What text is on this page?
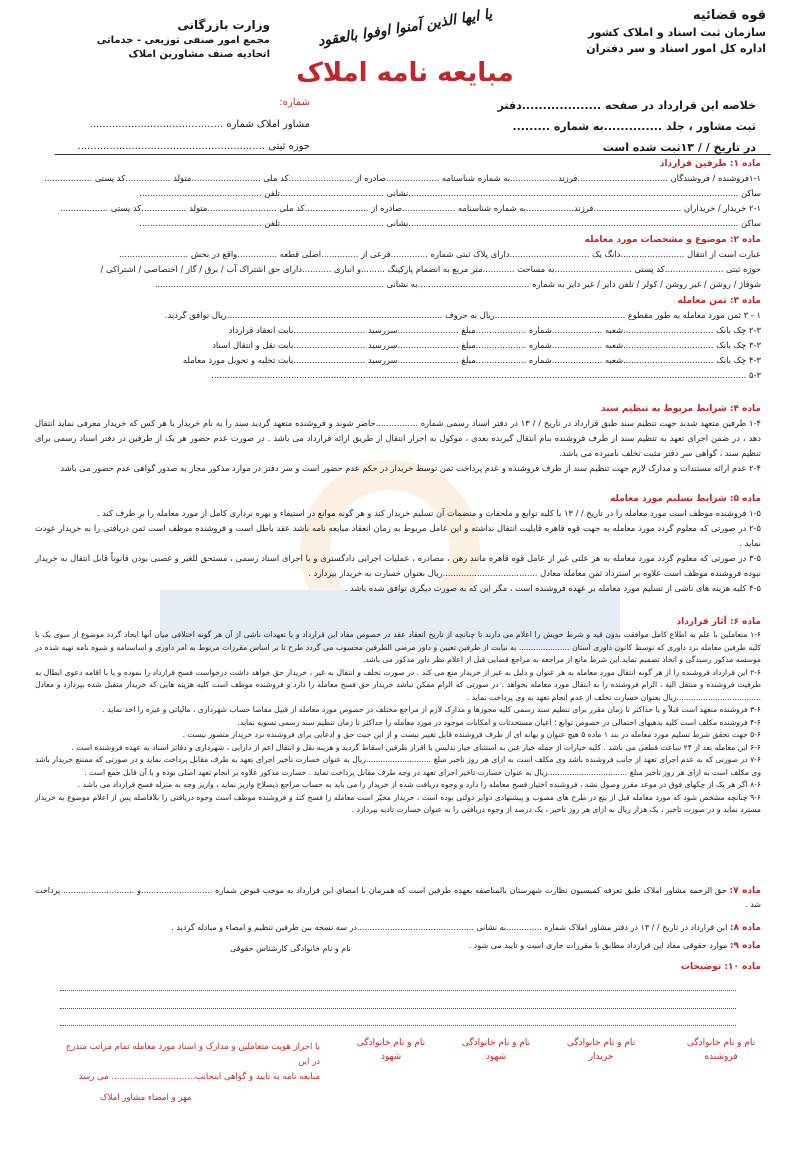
قوه قضائیه
سازمان ثبت اسناد و املاک کشور
اداره کل امور اسناد و سر دفتران
وزارت بازرگانی
مجمع امور صنفی توزیعی - خدماتی
اتحادیه صنف مشاورین املاک
یا ایها الذین آمنوا اوفوا بالعقود
مبایعه نامه املاک
خلاصه این قرارداد در صفحه ...................دفتر
ثبت مشاور ، جلد ..............به شماره .........
در تاریخ / / ۱۳ثبت شده است
شماره:
مشاور املاک شماره ..........................................
حوزه ثبتی ...........................................................
ماده ۱: طرفین قرارداد
۱-۱فروشنده / فروشندگان ..................................فرزند..................به شماره شناسنامه ....................صادره از ........................کد ملی ..........................متولد .................کد پستی ..................
ساکن ............................................................................................................................نشانی .......................................تلفن ..............................................
۲-۱ خریدار / خریداران .................................فرزند..................به شماره شناسنامه ....................صادره از ........................کد ملی ..........................متولد .................کد پستی ..................
ساکن ............................................................................................................................نشانی .......................................تلفن ..............................................
ماده ۲: موضوع و مشخصات مورد معامله
عبارت است از انتقال ........................دانگ یک ..............................دارای پلاک ثبتی شماره ..............فرعی از ..............اصلی قطعه ...............واقع در بخش ..........................
حوزه ثبتی ......................کد پستی .............................به مساحت ............متر مربع به انضمام پارکینگ .........و انباری ...........دارای حق اشتراک آب / برق / گاز / اختصاصی / اشتراکی /
شوفاژ / روشن / غیر روشن / کولر / تلفن دایر / غیر دایر به شماره ..........................................به نشانی ......................................................................................
ماده ۳: ثمن معامله
۱ - ۳ ثمن مورد معامله به طور مقطوع .................................................ریال به حروف .................................................................................ریال توافق گردید.
۲-۳ چک بانک ..................................شعبه ...................شماره ...................مبلغ .......................سررسید ...........................بابت انعقاد قرارداد
۳-۳ چک بانک ..................................شعبه ...................شماره ...................مبلغ .......................سررسید ...........................بابت نقل و انتقال اسناد
۴-۳ چک بانک ..................................شعبه ...................شماره ...................مبلغ .......................سررسید ...........................بابت تخلیه و تحویل مورد معامله
۵-۳ .........................................................................................................................................................................................................
ماده ۴: شرایط مربوط به تنظیم سند
۱-۴ طرفین متعهد شدند جهت تنظیم سند طبق قرارداد در تاریخ / / ۱۳ در دفتر اسناد رسمی شماره ................حاضر شوند و فروشنده متعهد گردید سند را به نام خریدار یا هر کس که خریدار معرفی نماید انتقال دهد ، در ضمن اجرای تعهد به تنظیم سند از طرف فروشنده بنام انتقال گیرنده بعدی ، موکول به احراز انتقال از طریق ارائه قرارداد می باشد . در صورت عدم حضور هر یک از طرفین در دفتر اسناد رسمی برای تنظیم سند ، گواهی سر دفتر مثبت تخلف نامبرده می باشد.
۲-۴ عدم ارائه مستندات و مدارک لازم جهت تنظیم سند از طرف فروشنده و عدم پرداخت ثمن توسط خریدار در حکم عدم حضور است و سر دفتر در موارد مذکور مجاز به صدور گواهی عدم حضور می باشد
ماده ۵: شرایط تسلیم مورد معامله
۱-۵ فروشنده موظف است مورد معامله را در تاریخ / / ۱۳ با کلیه توابع و ملحقات و منضمات آن تسلیم خریدار کند و هر گونه موانع در استیفاء و بهره برداری کامل از مورد معامله را بر طرف کند .
۲-۵ در صورتی که معلوم گردد مورد معامله به جهت قوه قاهره قابلیت انتقال نداشته و این عامل مربوط به زمان انعقاد مبایعه نامه باشد عقد باطل است و فروشنده موظف است ثمن دریافتی را به خریدار عودت نماید .
۳-۵ در صورتی که معلوم گردد مورد معامله به هر علتی غیر از عامل قوه قاهره مانند رهن ، مصادره ، عملیات اجرایی دادگستری و یا اجرای اسناد رسمی ، مستحق للغیر و غصبی بودن قانوناً قابل انتقال به خریدار نبوده فروشنده موظف است علاوه بر استرداد ثمن معامله معادل ....................................ریال بعنوان خسارت به خریدار بپردازد .
۴-۵ کلیه هزینه های ناشی از تسلیم مورد معامله بر عهده فروشنده است ، مگر این که به صورت دیگری توافق شده باشد .
ماده ۶: آثار قرارداد
۱-۶ متعاملین با علم به اطلاع کامل موافقت بدون قید و شرط خویش را اعلام می دارند تا چنانچه از تاریخ انعقاد عقد در خصوص مفاد این قرارداد و یا تعهدات ناشی از آن هر گونه اختلافی میان آنها ایجاد گردد موضوع از سوی یک یا کلیه طرفین معامله نزد داوری که توسط کانون داوری استان ..................... به نیابت از طرفین تعیین و داور مرضی الطرفین محسوب می گردد طرح تا بر اساس مقررات مربوط به امر داوری و اساسنامه و شیوه نامه تهیه شده در موسسه مذکور رسیدگی و اتخاذ تصمیم نماید.این شرط مانع از مراجعه به مراجع قضایی قبل از اعلام نظر داور مذکور می باشد.
۲-۶ این قرارداد فروشنده را از هر گونه انتقال مورد معامله به هر عنوان و دلیل به غیر از خریدار منع می کند . در صورت تخلف و انتقال به غیر ، خریدار حق خواهد داشت درخواست فسخ قرارداد را نموده و یا با اقامه دعوی ابطال به طرفیت فروشنده و منتقل الیه ، الزام فروشنده را به انتقال مورد معامله بخواهد . در صورتی که الزام ممکن نباشد خریدار حق فسخ معامله را دارد و فروشنده موظف است کلیه هزینه هایی که خریدار متقبل شده بپردازد و معادل ...................................ریال بعنوان خسارت تخلف از عدم انجام تعهد به وی پرداخت نماید .
۳-۶ فروشنده متعهد است قبلاً و یا حداکثر تا زمان مقرر برای تنظیم سند رسمی کلیه مجوزها و مدارک لازم از مراجع مختلف در خصوص مورد معامله از قبیل مفاصا حساب شهرداری ، مالیاتی و غیره را اخذ نماید .
۴-۶ فروشنده مکلف است کلیه بدهیهای احتمالی در خصوص توابع ؛ اعیان مستحدثات و امکانات موجود در مورد معامله را حداکثر تا زمان تنظیم سند رسمی تسویه نماید.
۵-۶ جهت تحقق شرط تسلیم مورد معامله در بند ۱ ماده ۵ هیچ عنوان و بهانه ای از طرف فروشنده قابل تغییر نیست و از این حیث حق و ادعایی برای فروشنده نزد خریدار متصور نیست .
۶-۶ این معامله بعد از ۲۴ ساعت قطعی می باشد . کلیه خیارات از جمله خیار غبن به استثنای خیار تدلیس با اقرار طرفین اسقاط گردید و هزینه نقل و انتقال اعم از دارایی ، شهرداری و دفاتر اسناد به عهده فروشنده است .
۷-۶ در صورتی که به عدم اجرای تعهد از جانب فروشنده باشد وی مکلف است به ازای هر روز تاخیر مبلغ ...........................ریال به عنوان خسارت تاخیر اجرای تعهد به طرف مقابل پرداخت نماید و در صورتی که ممتنع خریدار باشد وی مکلف است به ازای هر روز تاخیر مبلغ .................................ریال به عنوان خسارت تاخیر اجرای تعهد در وجه طرف مقابل پرداخت نماید . خسارت مذکور علاوه بر انجام تعهد اصلی بوده و با آن قابل جمع است .
۸-۶ اگر هر یک از چکهای فوق در موعد مقرر وصول نشد ، فروشنده اختیار فسخ معامله را دارد و وجوه دریافت شده از خریدار را می باید به حساب مراجع ذیصلاح واریز نماید ، واریز وجه به منزله فسخ قرارداد می باشد .
۹-۶ چنانچه مشخص شود که مورد معامله قبل از بیع در طرح های مصوب و پیشنهادی دوایر دولتی بوده است ، خریدار مخیّر است معامله را فسخ کند و فروشنده موظف است وجوه دریافتی را بلافاصله پس از اعلام موضوع به خریدار مسترد نماید و در صورت تاخیر ، یک هزار ریال به ازای هر روز تاخیر ، یک درصد از وجوه دریافتی را به عنوان خسارت تادیه بپردازد .
ماده ۷: حق الزحمه مشاور املاک طبق تعرفه کمیسیون نظارت شهرستان بالمناصفه بعهده طرفین است که همزمان با امضای این قرارداد به موجب قبوض شماره ............................و ............................ پرداخت شد .
ماده ۸: این قرارداد در تاریخ / / ۱۳ در دفتر مشاور املاک شماره ..............به نشانی ..............................................در سه نسخه بین طرفین تنظیم و امضاء و مبادله گردید .
ماده ۹: موارد حقوقی مفاد این قرارداد مطابق با مقررات جاری است و تایید می شود .
نام و نام خانوادگی کارشناس حقوقی
ماده ۱۰: توضیحات
نام و نام خانوادگی فروشنده
نام و نام خانوادگی خریدار
نام و نام خانوادگی شهود
نام و نام خانوادگی شهود
با احراز هویت متعاملین و مدارک و اسناد مورد معامله تمام مراتب مندرج در این
مبایعه نامه به تایید و گواهی اینجانب............................... می رسد
مهر و امضاء مشاور املاک
